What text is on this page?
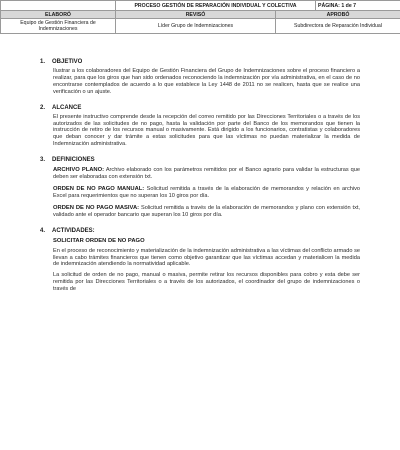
	PROCESO GESTIÓN DE REPARACIÓN INDIVIDUAL Y COLECTIVA		PÁGINA: 1 de 7
ELABORÓ	REVISÓ	APROBÓ	
Equipo de Gestión Financiera de Indemnizaciones	Líder Grupo de Indemnizaciones	Subdirectora de Reparación Individual	

1. OBJETIVO

Ilustrar a los colaboradores del Equipo de Gestión Financiera del Grupo de Indemnizaciones sobre el proceso financiero a realizar, para que los giros que han sido ordenados reconociendo la indemnización por vía administrativa, en el caso de no encontrarse contemplados de acuerdo a lo que establece la Ley 1448 de 2011 no se realicen, hasta que se realice una verificación o un ajuste.

2. ALCANCE

El presente instructivo comprende desde la recepción del correo remitido por las Direcciones Territoriales o a través de los autorizados de las solicitudes de no pago, hasta la validación por parte del Banco de los memorandos que tienen la instrucción de retiro de los recursos manual o masivamente. Está dirigido a los funcionarios, contratistas y colaboradores que deban conocer y dar trámite a estas solicitudes para que las víctimas no puedan materializar la medida de Indemnización administrativa.

3. DEFINICIONES

ARCHIVO PLANO: Archivo elaborado con los parámetros remitidos por el Banco agrario para validar la estructuras que deben ser elaboradas con extensión txt.

ORDEN DE NO PAGO MANUAL: Solicitud remitida a través de la elaboración de memorandos y relación en archivo Excel para requerimientos que no superan los 10 giros por día.

ORDEN DE NO PAGO MASIVA: Solicitud remitida a través de la elaboración de memorandos y plano con extensión txt, validado ante el operador bancario que superan los 10 giros por día.

4. ACTIVIDADES:

SOLICITAR ORDEN DE NO PAGO

En el proceso de reconocimiento y materialización de la indemnización administrativa a las víctimas del conflicto armado se llevan a cabo trámites financieros que tienen como objetivo garantizar que las víctimas accedan y materialicen la medida de indemnización atendiendo la normatividad aplicable.

La solicitud de orden de no pago, manual o masiva, permite retirar los recursos disponibles para cobro y esta debe ser remitida por las Direcciones Territoriales o a través de los autorizados, el coordinador del grupo de indemnizaciones o través de
